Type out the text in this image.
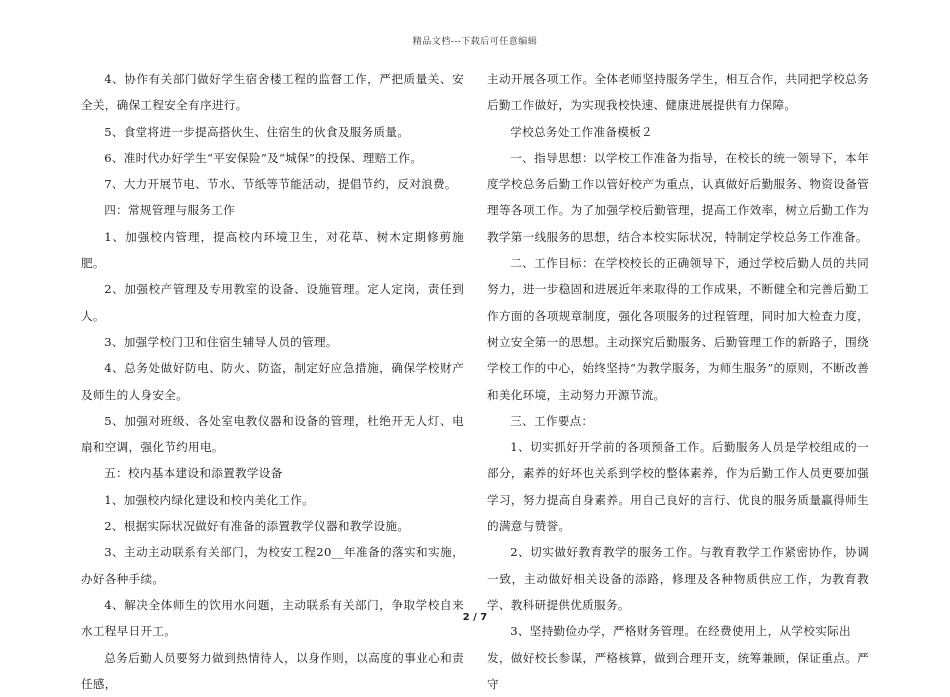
精品文档---下载后可任意编辑

4、协作有关部门做好学生宿舍楼工程的监督工作，严把质量关、安全关，确保工程安全有序进行。

5、食堂将进一步提高搭伙生、住宿生的伙食及服务质量。

6、准时代办好学生“平安保险”及“城保”的投保、理赔工作。

7、大力开展节电、节水、节纸等节能活动，提倡节约，反对浪费。

四：常规管理与服务工作

1、加强校内管理，提高校内环境卫生，对花草、树木定期修剪施肥。

2、加强校产管理及专用教室的设备、设施管理。定人定岗，责任到人。

3、加强学校门卫和住宿生辅导人员的管理。

4、总务处做好防电、防火、防盗，制定好应急措施，确保学校财产及师生的人身安全。

5、加强对班级、各处室电教仪器和设备的管理，杜绝开无人灯、电扇和空调，强化节约用电。

五：校内基本建设和添置教学设备

1、加强校内绿化建设和校内美化工作。

2、根据实际状况做好有准备的添置教学仪器和教学设施。

3、主动主动联系有关部门，为校安工程20__年准备的落实和实施，办好各种手续。

4、解决全体师生的饮用水问题，主动联系有关部门，争取学校自来水工程早日开工。

总务后勤人员要努力做到热情待人，以身作则，以高度的事业心和责任感，

主动开展各项工作。全体老师坚持服务学生，相互合作，共同把学校总务后勤工作做好，为实现我校快速、健康进展提供有力保障。

学校总务处工作准备模板２

一、指导思想：以学校工作准备为指导，在校长的统一领导下，本年度学校总务后勤工作以管好校产为重点，认真做好后勤服务、物资设备管理等各项工作。为了加强学校后勤管理，提高工作效率，树立后勤工作为教学第一线服务的思想，结合本校实际状况，特制定学校总务工作准备。

二、工作目标：在学校校长的正确领导下，通过学校后勤人员的共同努力，进一步稳固和进展近年来取得的工作成果，不断健全和完善后勤工作方面的各项规章制度，强化各项服务的过程管理，同时加大检查力度，树立安全第一的思想。主动探究后勤服务、后勤管理工作的新路子，围绕学校工作的中心，始终坚持“为教学服务，为师生服务”的原则，不断改善和美化环境，主动努力开源节流。

三、工作要点：

1、切实抓好开学前的各项预备工作。后勤服务人员是学校组成的一部分，素养的好坏也关系到学校的整体素养，作为后勤工作人员更要加强学习，努力提高自身素养。用自己良好的言行、优良的服务质量赢得师生的满意与赞誉。

2、切实做好教育教学的服务工作。与教育教学工作紧密协作，协调一致，主动做好相关设备的添路，修理及各种物质供应工作，为教育教学、教科研提供优质服务。

3、坚持勤俭办学，严格财务管理。在经费使用上，从学校实际出

发，做好校长参谋，严格核算，做到合理开支，统筹兼顾，保证重点。严守

2 / 7
